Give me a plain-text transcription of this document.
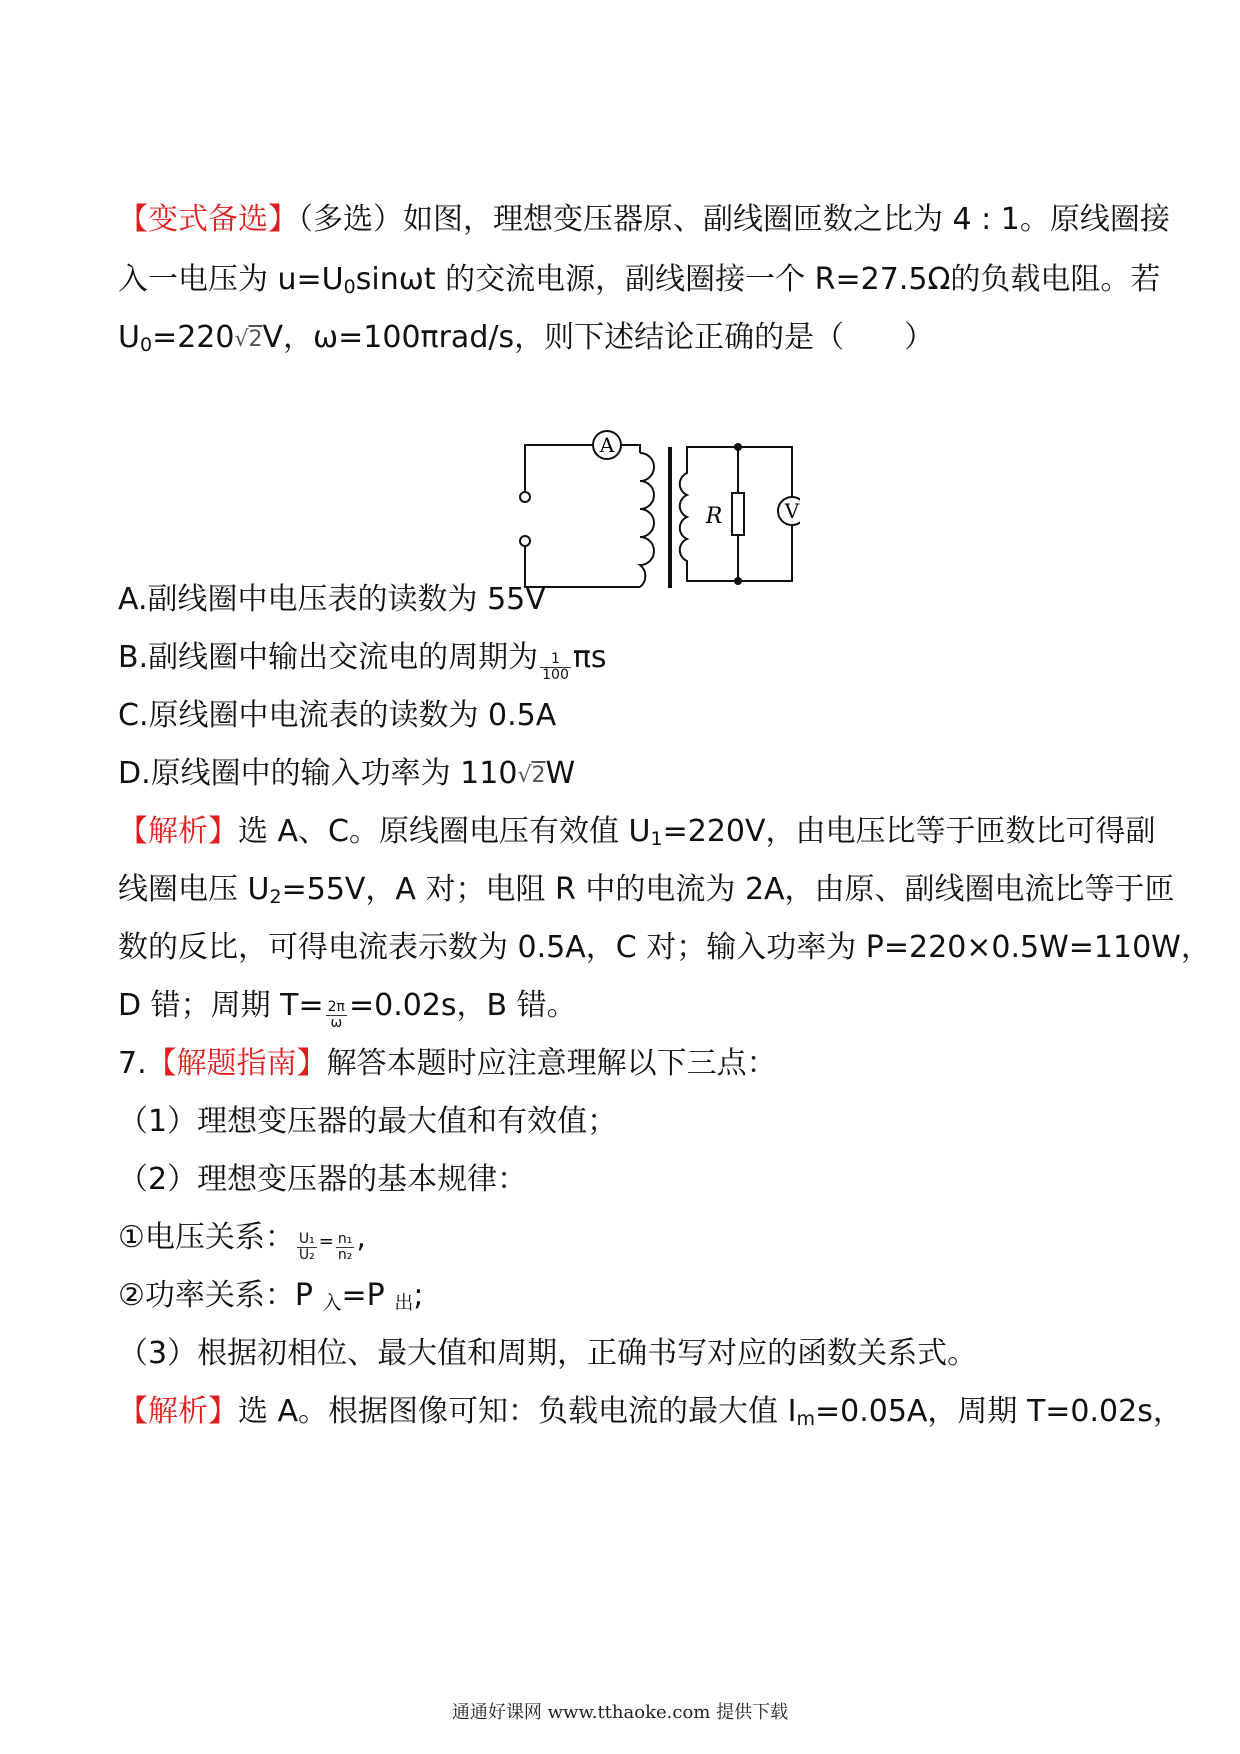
【变式备选】（多选）如图，理想变压器原、副线圈匝数之比为 4 : 1。原线圈接
入一电压为 $u=U_0\sin\omega t$ 的交流电源，副线圈接一个 R=27.5Ω的负载电阻。若
$U_0=220√2V$，ω=100πrad/s，则下述结论正确的是（　　）
A
V
R
A.副线圈中电压表的读数为 55V
B.副线圈中输出交流电的周期为 $\frac{1}{100}$ πs
C.原线圈中电流表的读数为 0.5A
D.原线圈中的输入功率为 110√2W
【解析】选 A、C。原线圈电压有效值 $U_1=220V$，由电压比等于匝数比可得副
线圈电压 $U_2=55V$，A 对；电阻 R 中的电流为 2A，由原、副线圈电流比等于匝
数的反比，可得电流表示数为 0.5A，C 对；输入功率为 P=220×0.5W=110W，
D 错；周期 $T= \frac{2\pi}{\omega} =0.02s$，B 错。
7.【解题指南】解答本题时应注意理解以下三点：
（1）理想变压器的最大值和有效值；
（2）理想变压器的基本规律：
①电压关系： $\frac{\text{U₁}}{\text{U₂}} = \frac{\text{n₁}}{\text{n₂}}$ ,
②功率关系：P $_入$=P $_出$;
（3）根据初相位、最大值和周期，正确书写对应的函数关系式。
【解析】选 A。根据图像可知：负载电流的最大值 $I_m=0.05A$，周期 T=0.02s，
通通好课网 www.tthaoke.com 提供下载
